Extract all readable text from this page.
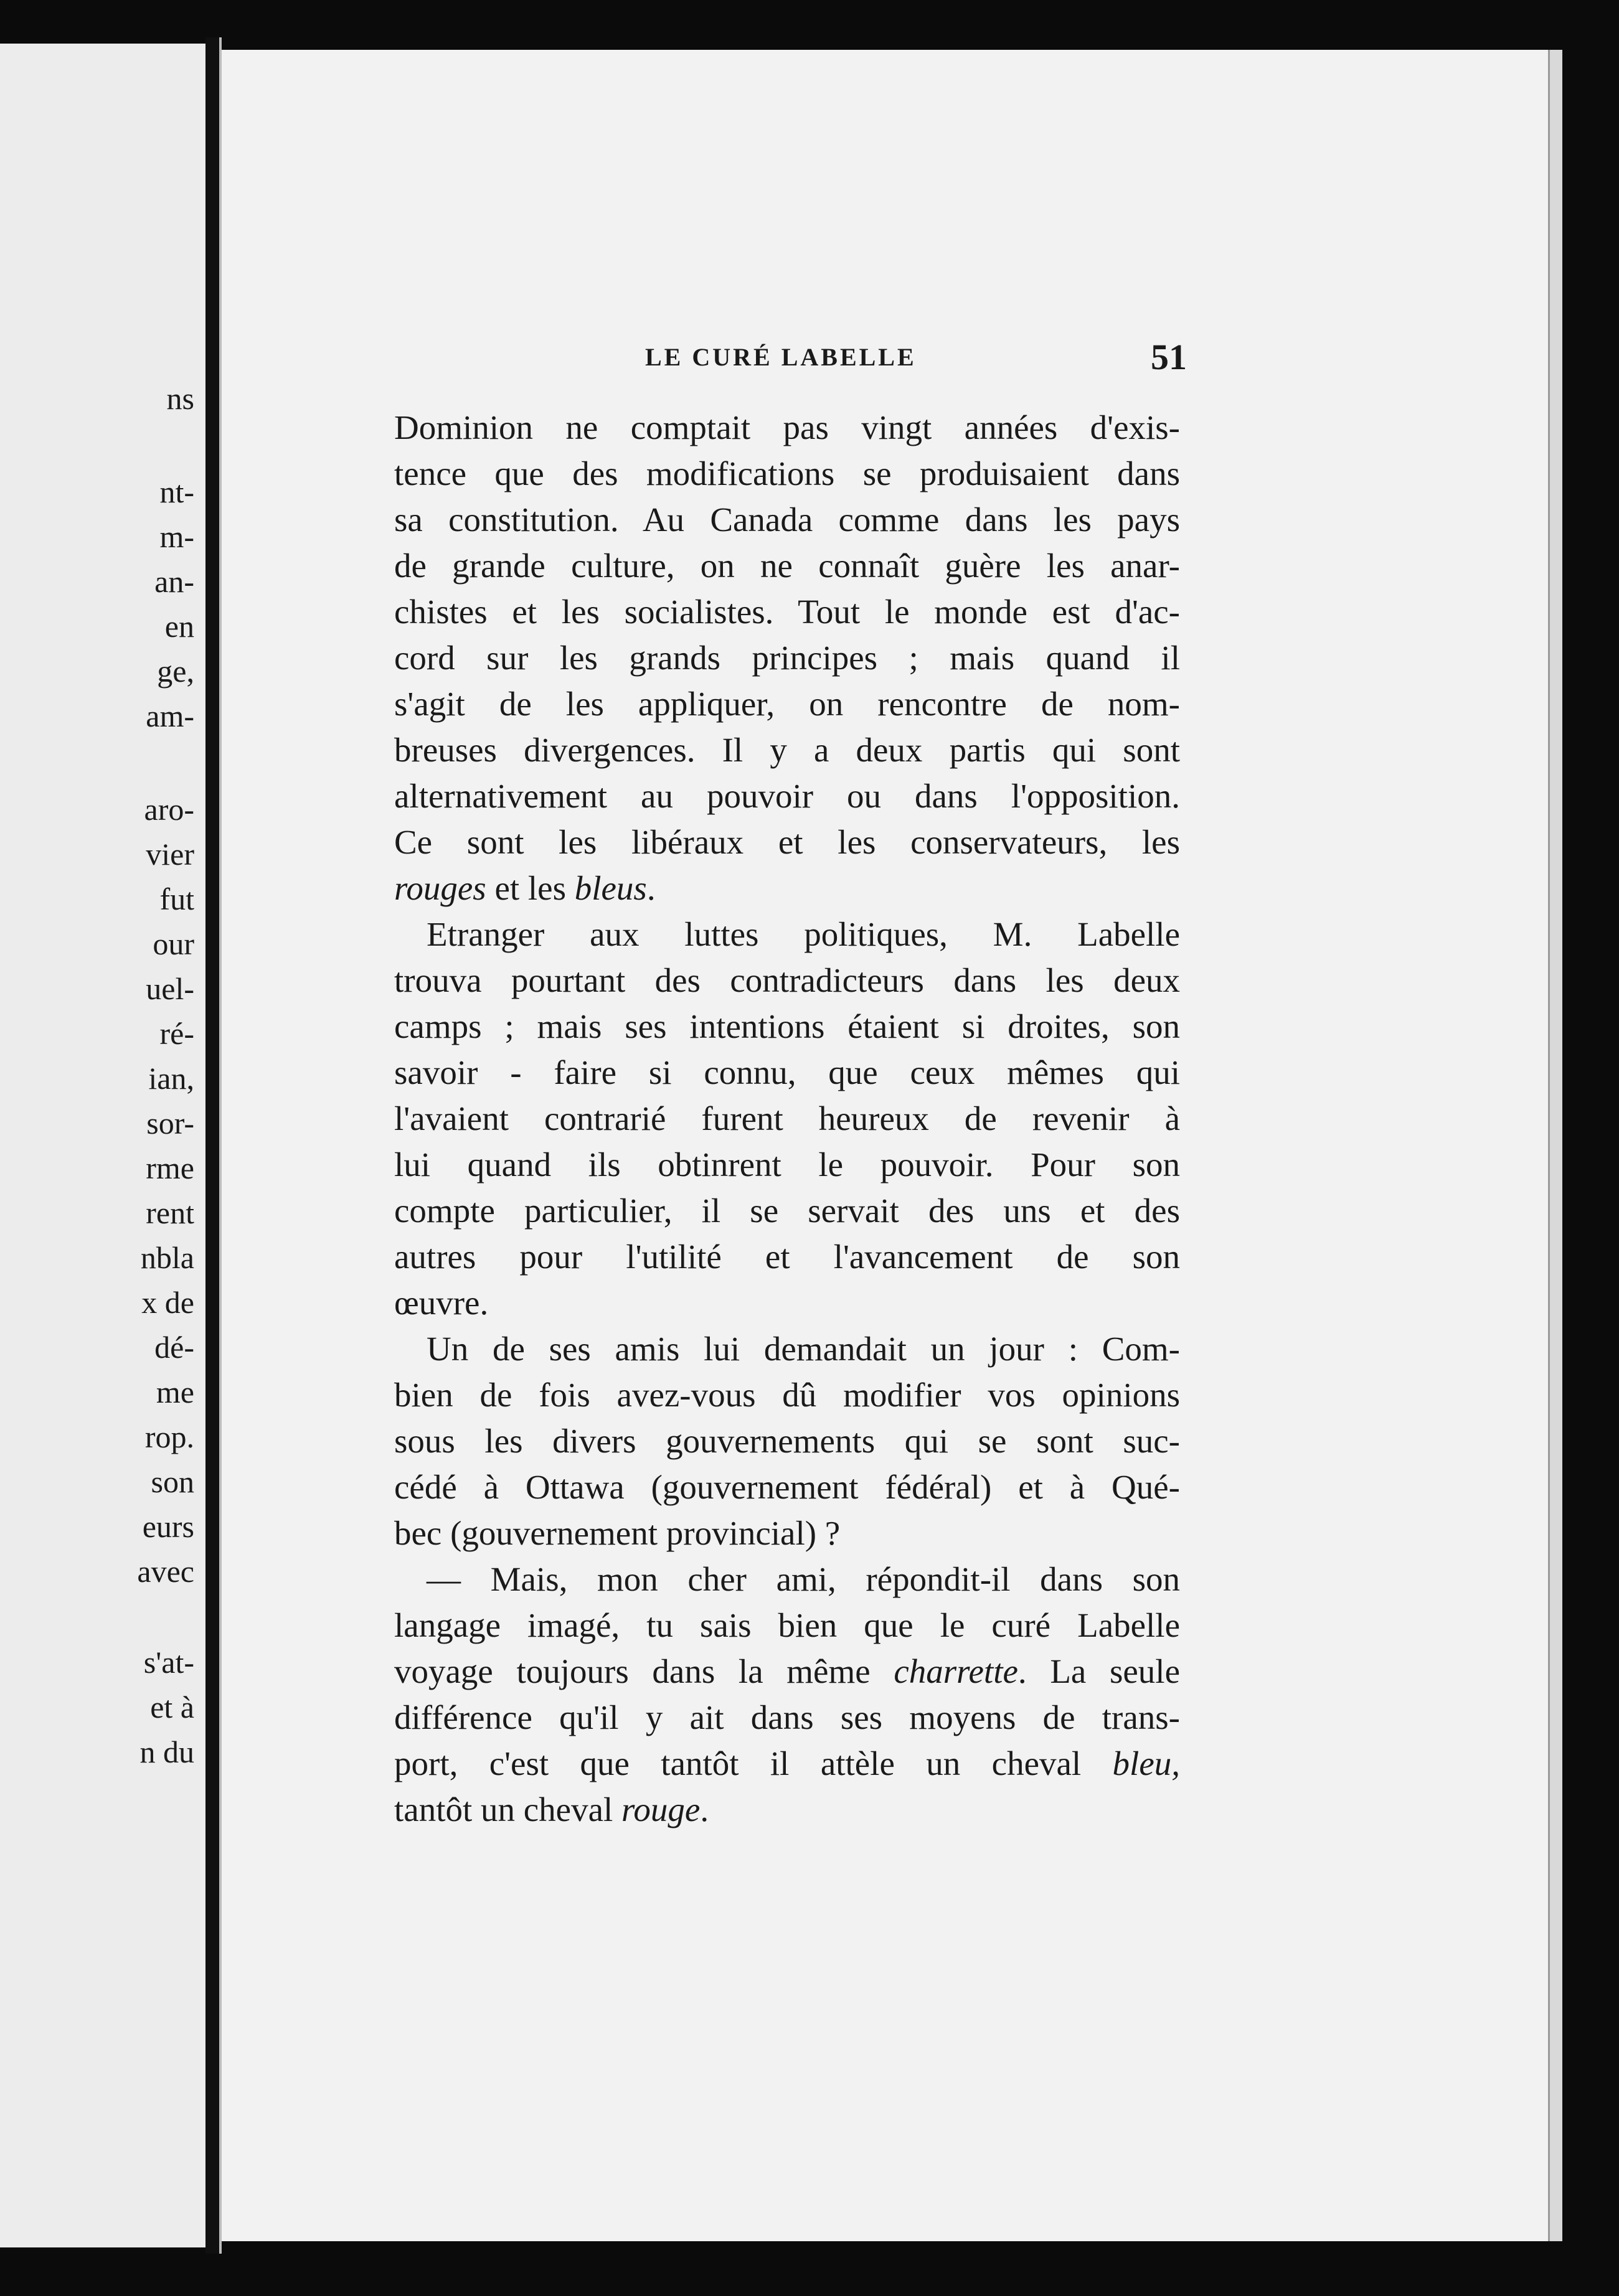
ns
nt-
m-
an-
en
ge,
am-
aro-
vier
fut
our
uel-
ré-
ian,
sor-
rme
rent
nbla
x de
dé-
me
rop.
son
eurs
avec
s'at-
et à
n du
LE CURÉ LABELLE	51
Dominion ne comptait pas vingt années d'exis-
tence que des modifications se produisaient dans
sa constitution. Au Canada comme dans les pays
de grande culture, on ne connaît guère les anar-
chistes et les socialistes. Tout le monde est d'ac-
cord sur les grands principes ; mais quand il
s'agit de les appliquer, on rencontre de nom-
breuses divergences. Il y a deux partis qui sont
alternativement au pouvoir ou dans l'opposition.
Ce sont les libéraux et les conservateurs, les
rouges et les bleus.
Etranger aux luttes politiques, M. Labelle
trouva pourtant des contradicteurs dans les deux
camps ; mais ses intentions étaient si droites, son
savoir - faire si connu, que ceux mêmes qui
l'avaient contrarié furent heureux de revenir à
lui quand ils obtinrent le pouvoir. Pour son
compte particulier, il se servait des uns et des
autres pour l'utilité et l'avancement de son
œuvre.
Un de ses amis lui demandait un jour : Com-
bien de fois avez-vous dû modifier vos opinions
sous les divers gouvernements qui se sont suc-
cédé à Ottawa (gouvernement fédéral) et à Qué-
bec (gouvernement provincial) ?
— Mais, mon cher ami, répondit-il dans son
langage imagé, tu sais bien que le curé Labelle
voyage toujours dans la même charrette. La seule
différence qu'il y ait dans ses moyens de trans-
port, c'est que tantôt il attèle un cheval bleu,
tantôt un cheval rouge.
